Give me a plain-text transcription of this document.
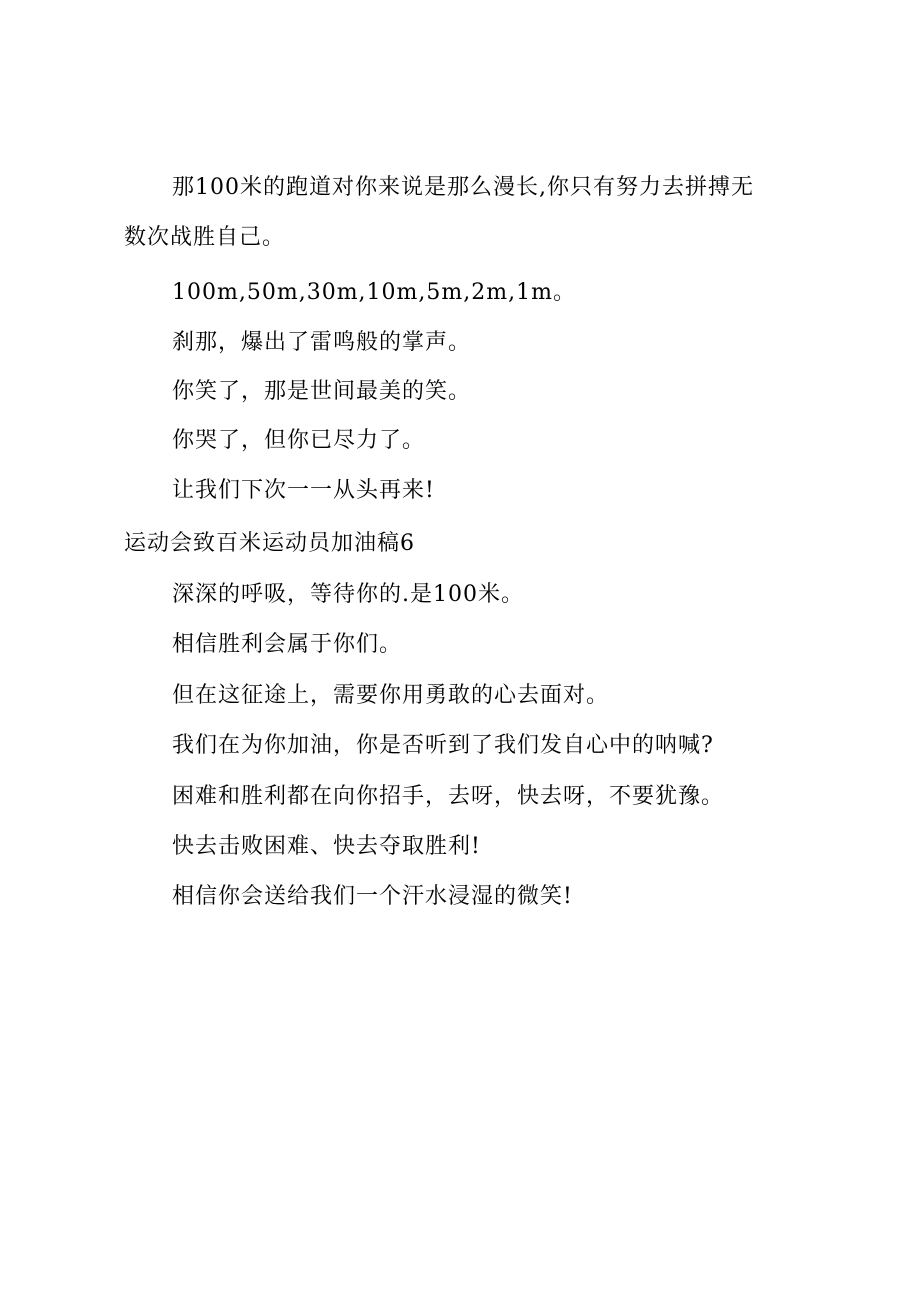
那100米的跑道对你来说是那么漫长,你只有努力去拼搏无数次战胜自己。

100m,50m,30m,10m,5m,2m,1m。

刹那，爆出了雷鸣般的掌声。

你笑了，那是世间最美的笑。

你哭了，但你已尽力了。

让我们下次一一从头再来!

运动会致百米运动员加油稿6

深深的呼吸，等待你的.是100米。

相信胜利会属于你们。

但在这征途上，需要你用勇敢的心去面对。

我们在为你加油，你是否听到了我们发自心中的呐喊?

困难和胜利都在向你招手，去呀，快去呀，不要犹豫。

快去击败困难、快去夺取胜利!

相信你会送给我们一个汗水浸湿的微笑!
